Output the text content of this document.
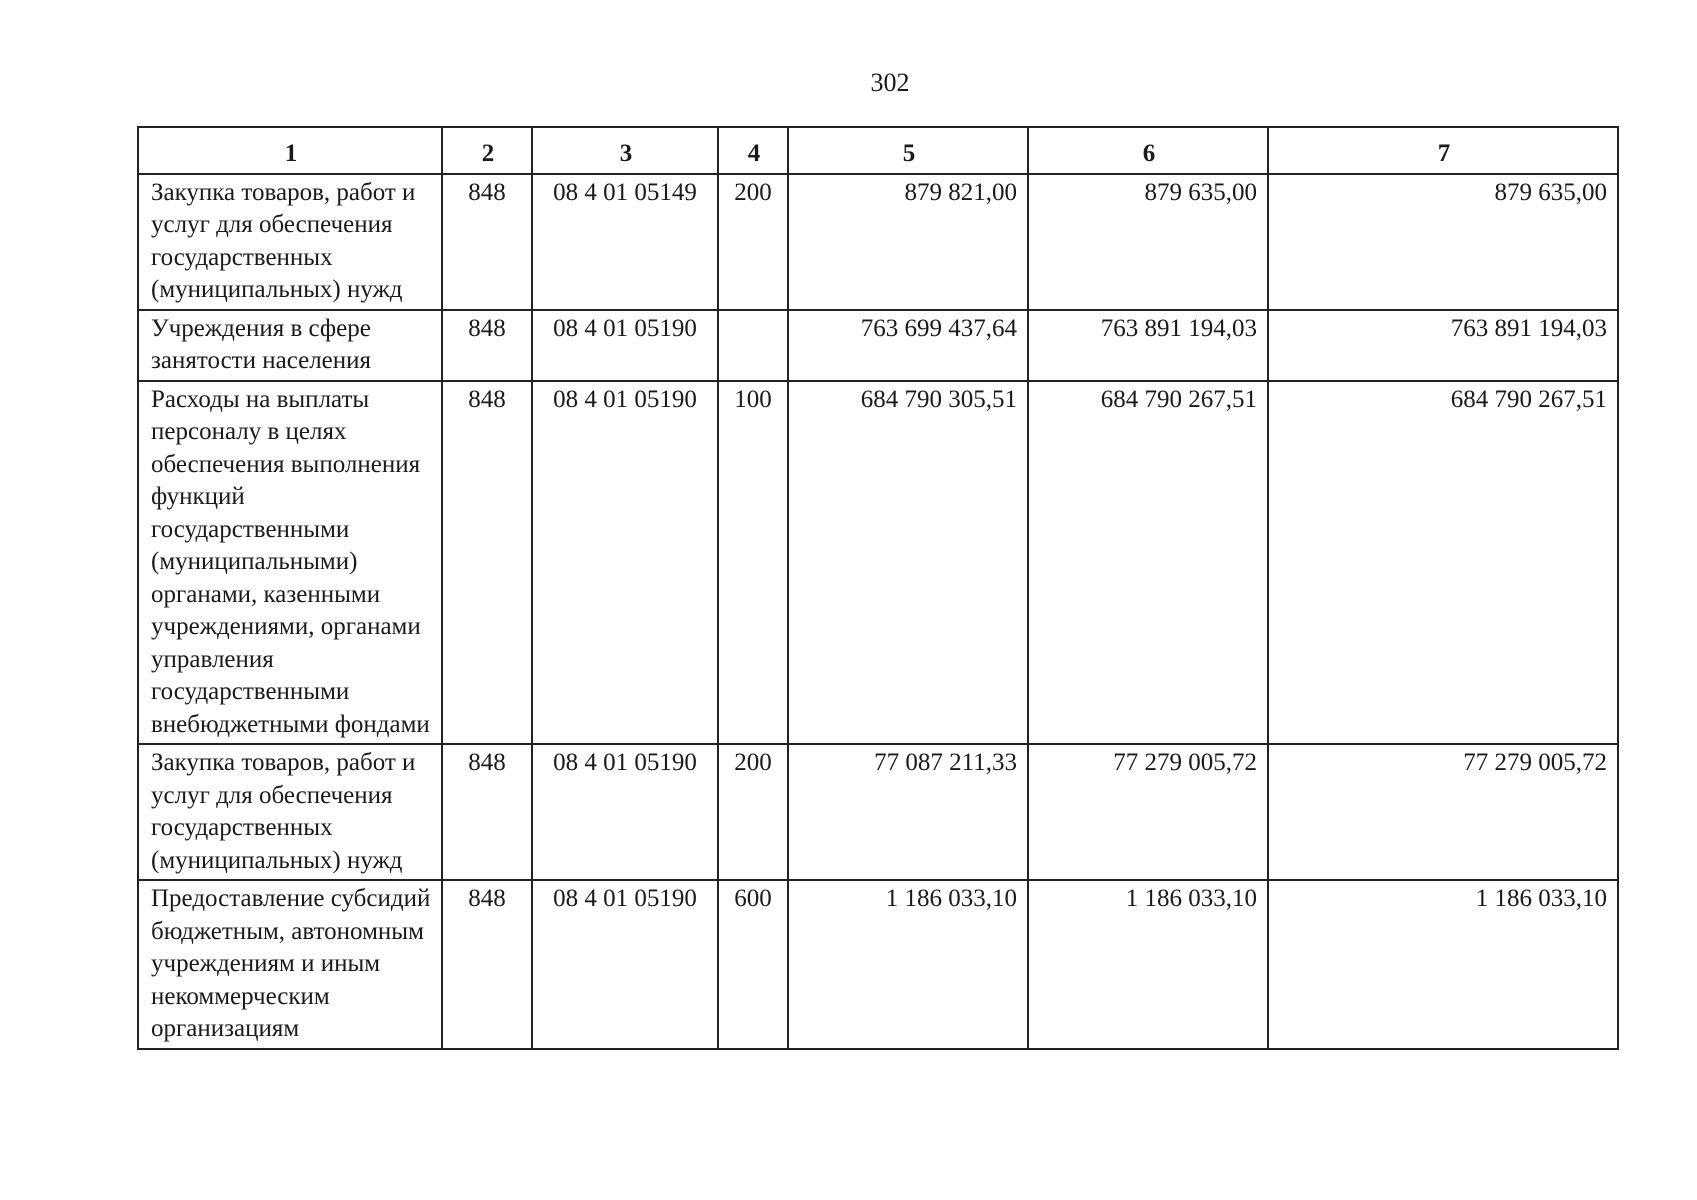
302
1	2	3	4	5	6	7
Закупка товаров, работ и услуг для обеспечения государственных (муниципальных) нужд	848	08 4 01 05149	200	879 821,00	879 635,00	879 635,00
Учреждения в сфере занятости населения	848	08 4 01 05190		763 699 437,64	763 891 194,03	763 891 194,03
Расходы на выплаты персоналу в целях обеспечения выполнения функций государственными (муниципальными) органами, казенными учреждениями, органами управления государственными внебюджетными фондами	848	08 4 01 05190	100	684 790 305,51	684 790 267,51	684 790 267,51
Закупка товаров, работ и услуг для обеспечения государственных (муниципальных) нужд	848	08 4 01 05190	200	77 087 211,33	77 279 005,72	77 279 005,72
Предоставление субсидий бюджетным, автономным учреждениям и иным некоммерческим организациям	848	08 4 01 05190	600	1 186 033,10	1 186 033,10	1 186 033,10
